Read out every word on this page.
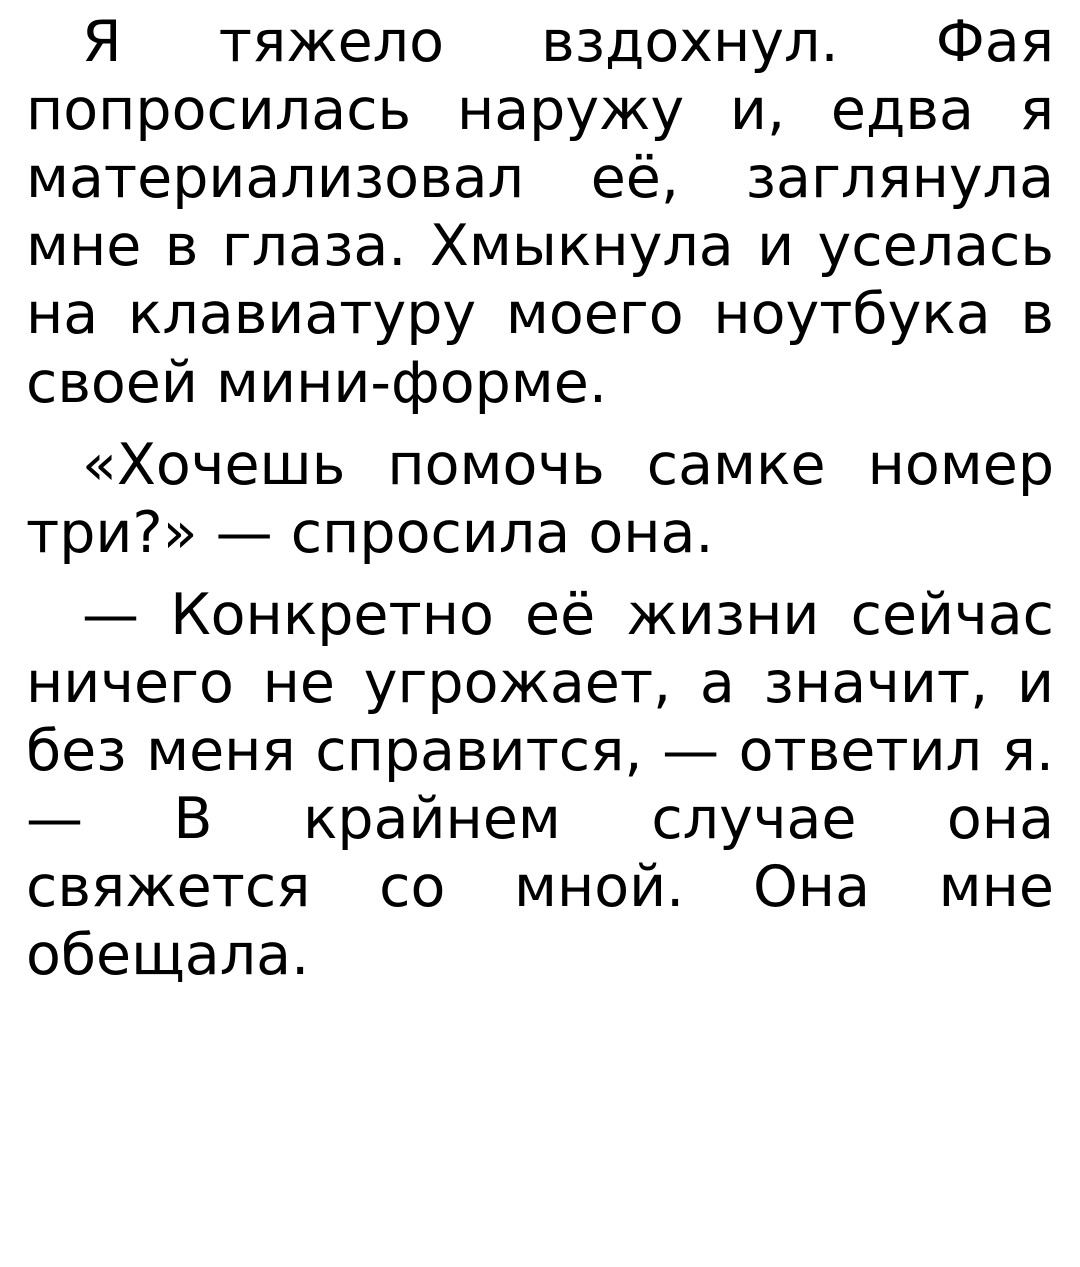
Я тяжело вздохнул. Фая попросилась наружу и, едва я материализовал её, заглянула мне в глаза. Хмыкнула и уселась на клавиатуру моего ноутбука в своей мини-форме.

«Хочешь помочь самке номер три?» — спросила она.

— Конкретно её жизни сейчас ничего не угрожает, а значит, и без меня справится, — ответил я. — В крайнем случае она свяжется со мной. Она мне обещала.
